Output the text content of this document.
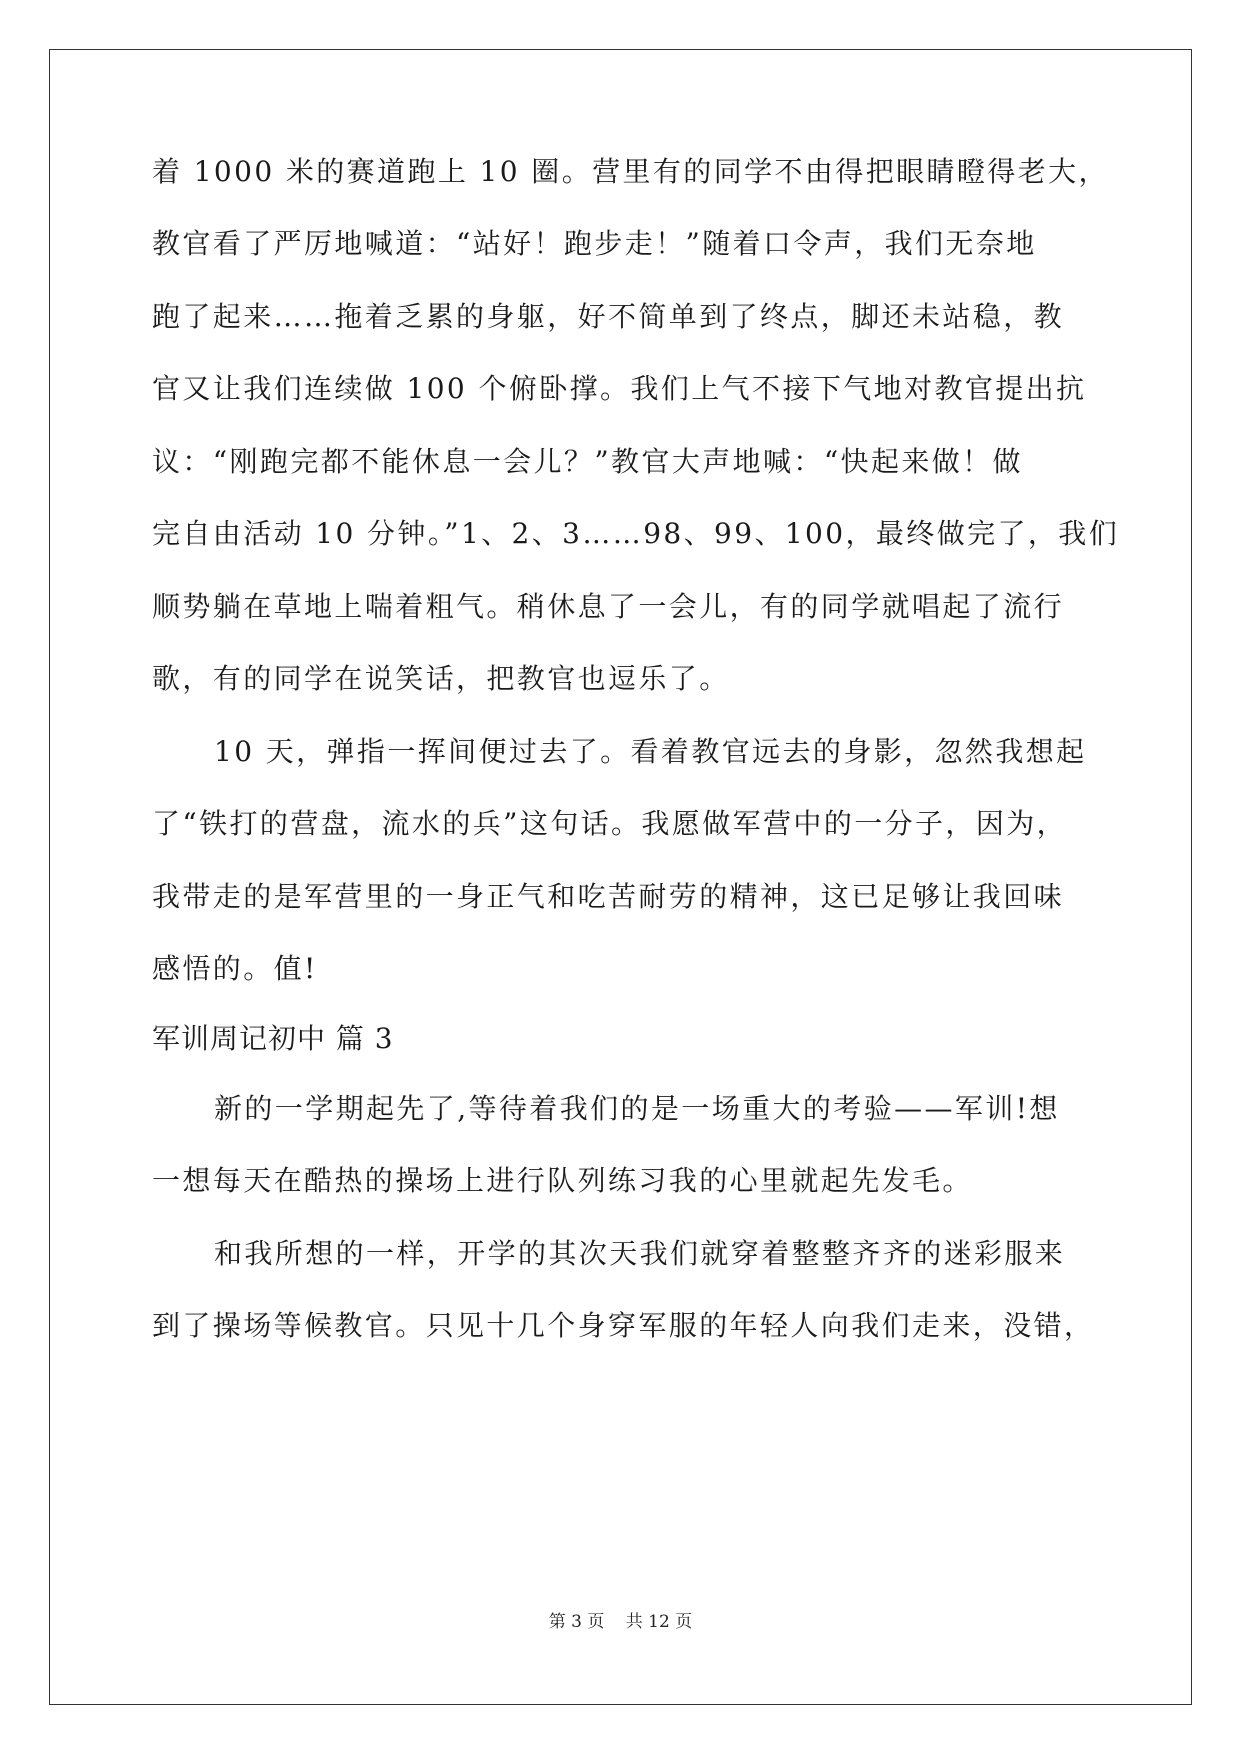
着 1000 米的赛道跑上 10 圈。营里有的同学不由得把眼睛瞪得老大，
教官看了严厉地喊道：“站好！跑步走！”随着口令声，我们无奈地
跑了起来……拖着乏累的身躯，好不简单到了终点，脚还未站稳，教
官又让我们连续做 100 个俯卧撑。我们上气不接下气地对教官提出抗
议：“刚跑完都不能休息一会儿？”教官大声地喊：“快起来做！做
完自由活动 10 分钟。”1、2、3……98、99、100，最终做完了，我们
顺势躺在草地上喘着粗气。稍休息了一会儿，有的同学就唱起了流行
歌，有的同学在说笑话，把教官也逗乐了。
10 天，弹指一挥间便过去了。看着教官远去的身影，忽然我想起
了“铁打的营盘，流水的兵”这句话。我愿做军营中的一分子，因为，
我带走的是军营里的一身正气和吃苦耐劳的精神，这已足够让我回味
感悟的。值!
军训周记初中 篇 3
新的一学期起先了,等待着我们的是一场重大的考验——军训!想
一想每天在酷热的操场上进行队列练习我的心里就起先发毛。
和我所想的一样，开学的其次天我们就穿着整整齐齐的迷彩服来
到了操场等候教官。只见十几个身穿军服的年轻人向我们走来，没错，
第 3 页 共 12 页
